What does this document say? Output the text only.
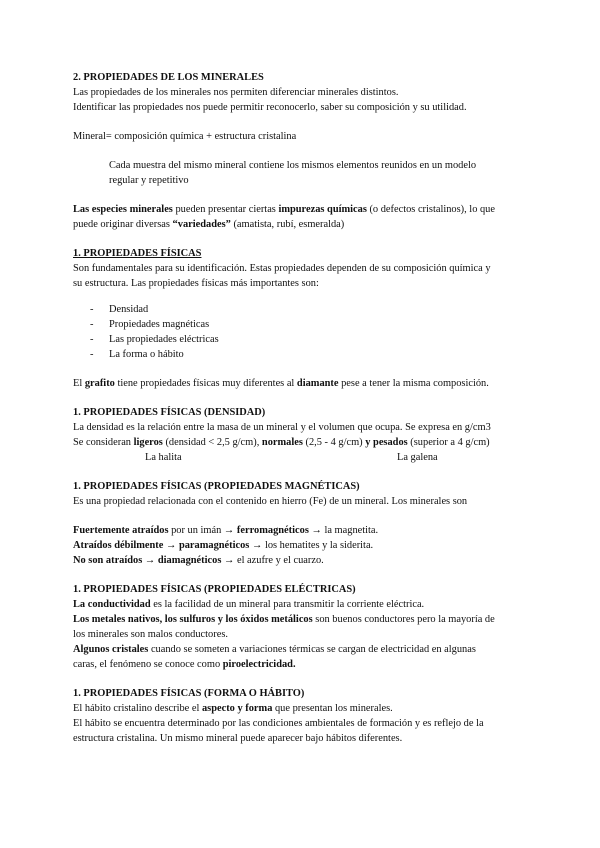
2. PROPIEDADES DE LOS MINERALES

Las propiedades de los minerales nos permiten diferenciar minerales distintos.

Identificar las propiedades nos puede permitir reconocerlo, saber su composición y su utilidad.

Mineral= composición química + estructura cristalina

Cada muestra del mismo mineral contiene los mismos elementos reunidos en un modelo

regular y repetitivo

Las especies minerales pueden presentar ciertas impurezas químicas (o defectos cristalinos), lo que

puede originar diversas “variedades” (amatista, rubí, esmeralda)

1. PROPIEDADES FÍSICAS

Son fundamentales para su identificación. Estas propiedades dependen de su composición química y

su estructura. Las propiedades físicas más importantes son:

- Densidad
- Propiedades magnéticas
- Las propiedades eléctricas
- La forma o hábito

El grafito tiene propiedades físicas muy diferentes al diamante pese a tener la misma composición.

1. PROPIEDADES FÍSICAS (DENSIDAD)

La densidad es la relación entre la masa de un mineral y el volumen que ocupa. Se expresa en g/cm3

Se consideran ligeros (densidad < 2,5 g/cm), normales (2,5 - 4 g/cm) y pesados (superior a 4 g/cm)

La halita	La galena

1. PROPIEDADES FÍSICAS (PROPIEDADES MAGNÉTICAS)

Es una propiedad relacionada con el contenido en hierro (Fe) de un mineral. Los minerales son

Fuertemente atraídos por un imán → ferromagnéticos → la magnetita.

Atraídos débilmente → paramagnéticos → los hematites y la siderita.

No son atraídos → diamagnéticos → el azufre y el cuarzo.

1. PROPIEDADES FÍSICAS (PROPIEDADES ELÉCTRICAS)

La conductividad es la facilidad de un mineral para transmitir la corriente eléctrica.

Los metales nativos, los sulfuros y los óxidos metálicos son buenos conductores pero la mayoría de

los minerales son malos conductores.

Algunos cristales cuando se someten a variaciones térmicas se cargan de electricidad en algunas

caras, el fenómeno se conoce como piroelectricidad.

1. PROPIEDADES FÍSICAS (FORMA O HÁBITO)

El hábito cristalino describe el aspecto y forma que presentan los minerales.

El hábito se encuentra determinado por las condiciones ambientales de formación y es reflejo de la

estructura cristalina. Un mismo mineral puede aparecer bajo hábitos diferentes.
